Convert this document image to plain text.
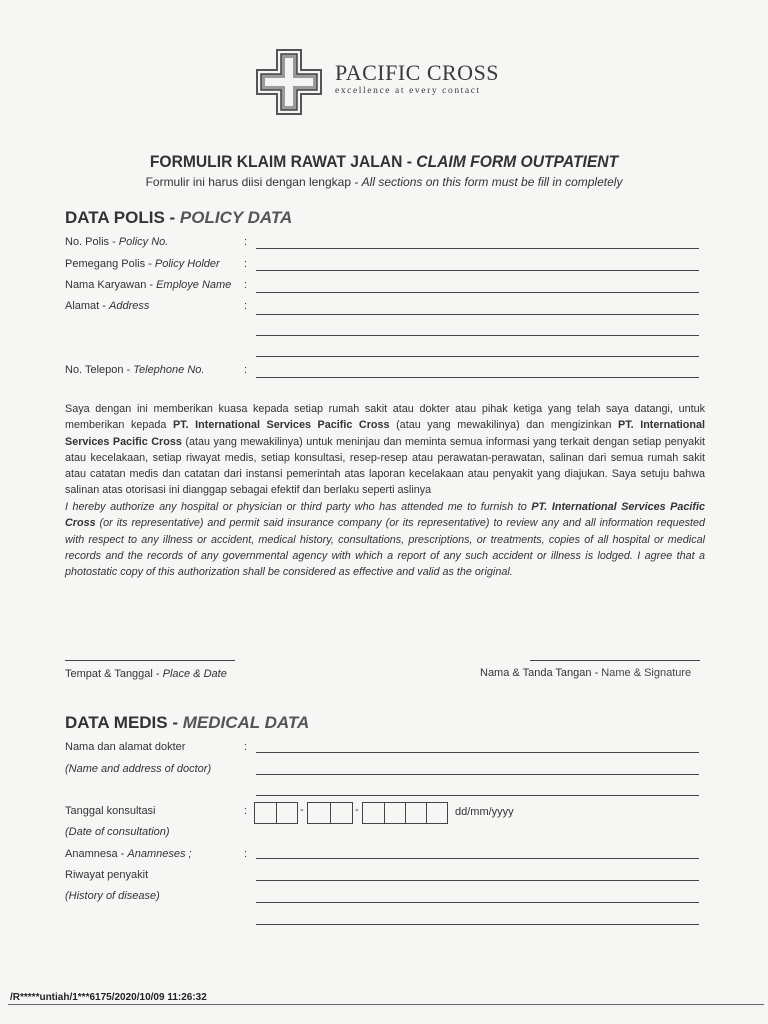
PACIFIC CROSS
excellence at every contact
FORMULIR KLAIM RAWAT JALAN - CLAIM FORM OUTPATIENT
Formulir ini harus diisi dengan lengkap - All sections on this form must be fill in completely
DATA POLIS - POLICY DATA
No. Polis - Policy No.	:
Pemegang Polis - Policy Holder :
Nama Karyawan - Employe Name :
Alamat - Address	:
No. Telepon - Telephone No.	:
Saya dengan ini memberikan kuasa kepada setiap rumah sakit atau dokter atau pihak ketiga yang telah saya datangi, untuk memberikan kepada PT. International Services Pacific Cross (atau yang mewakilinya) dan mengizinkan PT. International Services Pacific Cross (atau yang mewakilinya) untuk meninjau dan meminta semua informasi yang terkait dengan setiap penyakit atau kecelakaan, setiap riwayat medis, setiap konsultasi, resep-resep atau perawatan-perawatan, salinan dari semua rumah sakit atau catatan medis dan catatan dari instansi pemerintah atas laporan kecelakaan atau penyakit yang diajukan. Saya setuju bahwa salinan atas otorisasi ini dianggap sebagai efektif dan berlaku seperti aslinya
I hereby authorize any hospital or physician or third party who has attended me to furnish to PT. International Services Pacific Cross (or its representative) and permit said insurance company (or its representative) to review any and all information requested with respect to any illness or accident, medical history, consultations, prescriptions, or treatments, copies of all hospital or medical records and the records of any governmental agency with which a report of any such accident or illness is lodged. I agree that a photostatic copy of this authorization shall be considered as effective and valid as the original.
Tempat & Tanggal - Place & Date	Nama & Tanda Tangan - Name & Signature
DATA MEDIS - MEDICAL DATA
Nama dan alamat dokter	:
(Name and address of doctor)
Tanggal konsultasi	:	-	-	dd/mm/yyyy
(Date of consultation)
Anamnesa - Anamneses ;	:
Riwayat penyakit
(History of disease)
/R*****untiah/1***6175/2020/10/09 11:26:32
